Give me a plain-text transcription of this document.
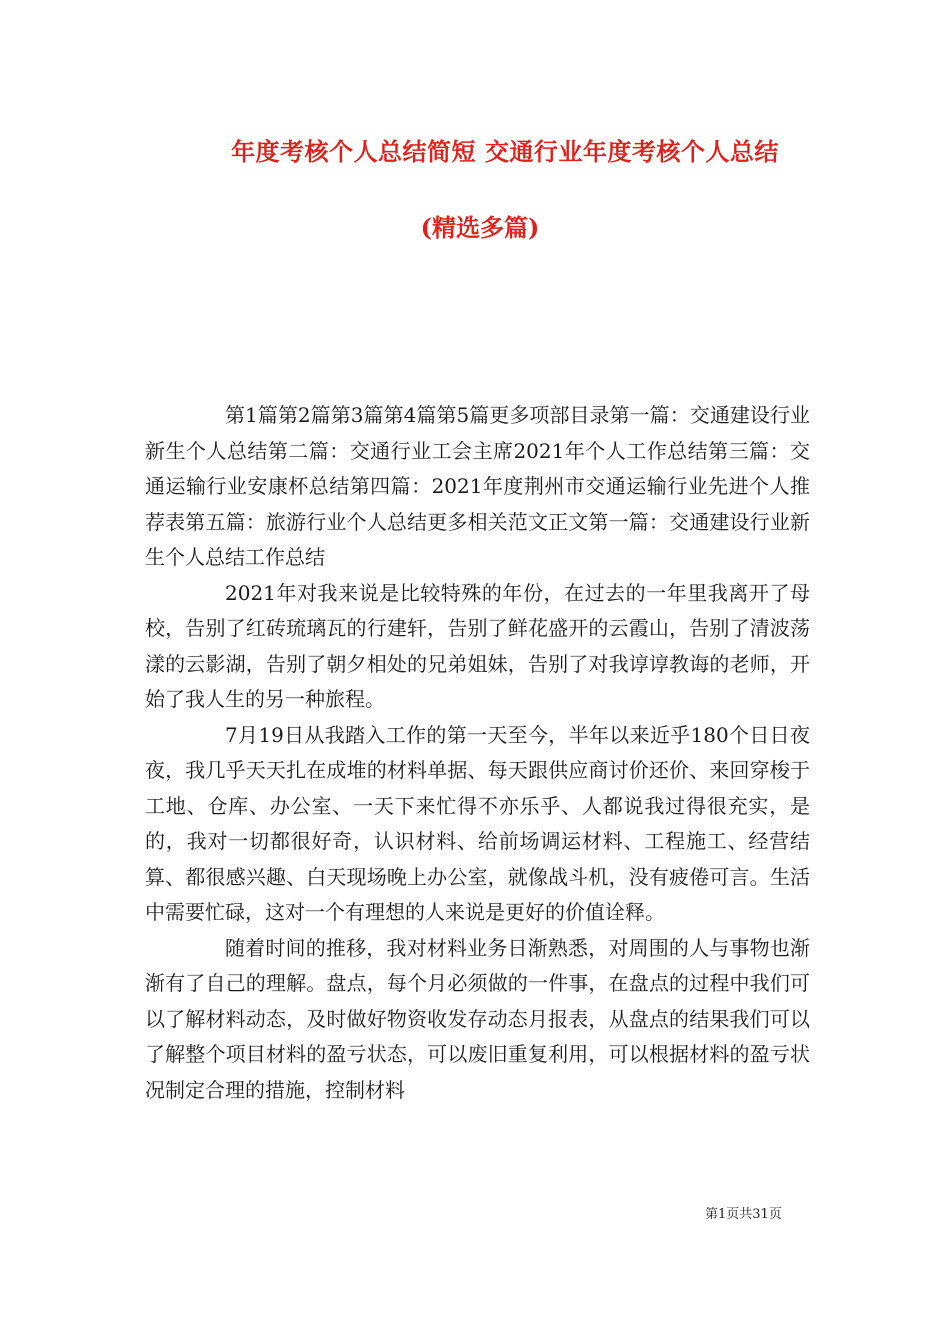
年度考核个人总结简短 交通行业年度考核个人总结
(精选多篇)

第1篇第2篇第3篇第4篇第5篇更多项部目录第一篇：交通建设行业新生个人总结第二篇：交通行业工会主席2021年个人工作总结第三篇：交通运输行业安康杯总结第四篇：2021年度荆州市交通运输行业先进个人推荐表第五篇：旅游行业个人总结更多相关范文正文第一篇：交通建设行业新生个人总结工作总结

2021年对我来说是比较特殊的年份，在过去的一年里我离开了母校，告别了红砖琉璃瓦的行建轩，告别了鲜花盛开的云霞山，告别了清波荡漾的云影湖，告别了朝夕相处的兄弟姐妹，告别了对我谆谆教诲的老师，开始了我人生的另一种旅程。

7月19日从我踏入工作的第一天至今，半年以来近乎180个日日夜夜，我几乎天天扎在成堆的材料单据、每天跟供应商讨价还价、来回穿梭于工地、仓库、办公室、一天下来忙得不亦乐乎、人都说我过得很充实，是的，我对一切都很好奇，认识材料、给前场调运材料、工程施工、经营结算、都很感兴趣、白天现场晚上办公室，就像战斗机，没有疲倦可言。生活中需要忙碌，这对一个有理想的人来说是更好的价值诠释。

随着时间的推移，我对材料业务日渐熟悉，对周围的人与事物也渐渐有了自己的理解。盘点，每个月必须做的一件事，在盘点的过程中我们可以了解材料动态，及时做好物资收发存动态月报表，从盘点的结果我们可以了解整个项目材料的盈亏状态，可以废旧重复利用，可以根据材料的盈亏状况制定合理的措施，控制材料

第1页共31页
